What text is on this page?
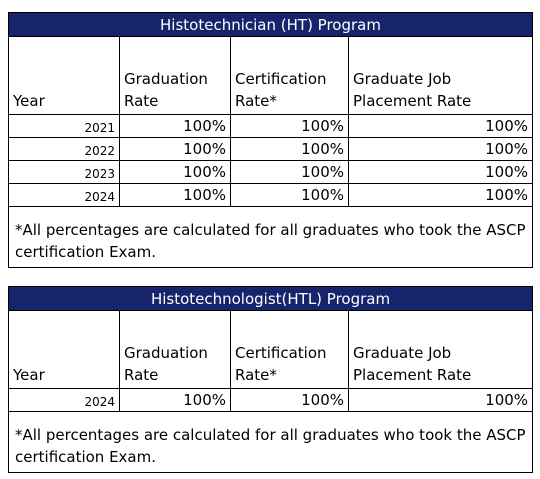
Histotechnician (HT) Program			
Year	Graduation Rate	Certification Rate*	Graduate Job Placement Rate
2021	100%	100%	100%
2022	100%	100%	100%
2023	100%	100%	100%
2024	100%	100%	100%
*All percentages are calculated for all graduates who took the ASCP certification Exam.			
Histotechnologist(HTL) Program			
Year	Graduation Rate	Certification Rate*	Graduate Job Placement Rate
2024	100%	100%	100%
*All percentages are calculated for all graduates who took the ASCP certification Exam.			
